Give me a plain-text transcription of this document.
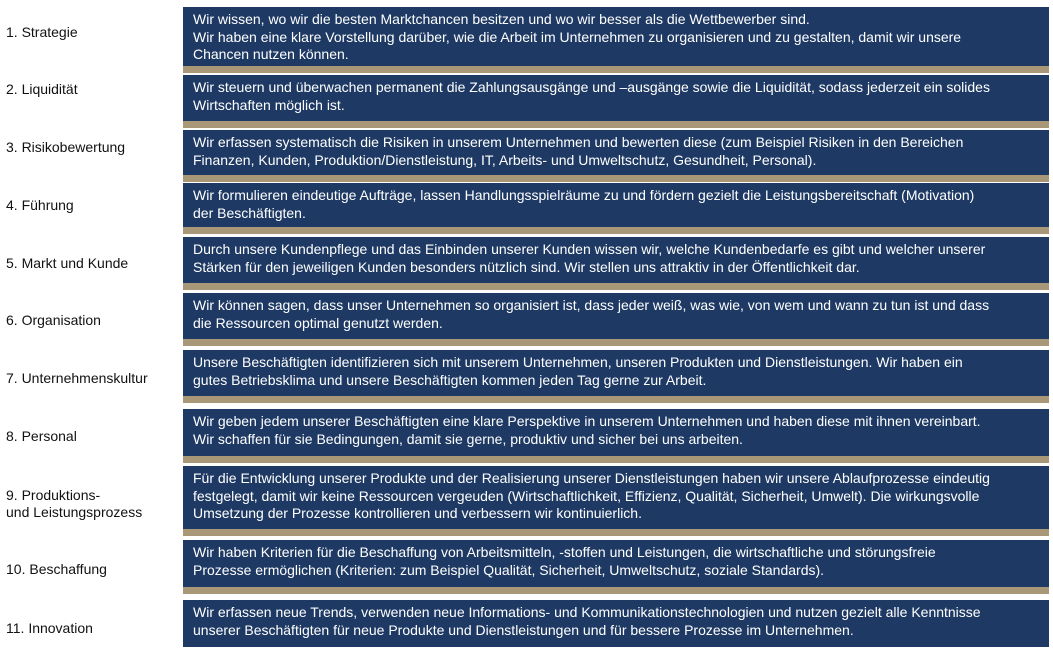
1. Strategie

Wir wissen, wo wir die besten Marktchancen besitzen und wo wir besser als die Wettbewerber sind.
Wir haben eine klare Vorstellung darüber, wie die Arbeit im Unternehmen zu organisieren und zu gestalten, damit wir unsere
Chancen nutzen können.

2. Liquidität	Wir steuern und überwachen permanent die Zahlungsausgänge und –ausgänge sowie die Liquidität, sodass jederzeit ein solides
Wirtschaften möglich ist.

3. Risikobewertung	Wir erfassen systematisch die Risiken in unserem Unternehmen und bewerten diese (zum Beispiel Risiken in den Bereichen
Finanzen, Kunden, Produktion/Dienstleistung, IT, Arbeits- und Umweltschutz, Gesundheit, Personal).

4. Führung

Wir formulieren eindeutige Aufträge, lassen Handlungsspielräume zu und fördern gezielt die Leistungsbereitschaft (Motivation)
der Beschäftigten.

5. Markt und Kunde

Durch unsere Kundenpflege und das Einbinden unserer Kunden wissen wir, welche Kundenbedarfe es gibt und welcher unserer
Stärken für den jeweiligen Kunden besonders nützlich sind. Wir stellen uns attraktiv in der Öffentlichkeit dar.

6. Organisation

Wir können sagen, dass unser Unternehmen so organisiert ist, dass jeder weiß, was wie, von wem und wann zu tun ist und dass
die Ressourcen optimal genutzt werden.

7. Unternehmenskultur

Unsere Beschäftigten identifizieren sich mit unserem Unternehmen, unseren Produkten und Dienstleistungen. Wir haben ein
gutes Betriebsklima und unsere Beschäftigten kommen jeden Tag gerne zur Arbeit.

8. Personal

Wir geben jedem unserer Beschäftigten eine klare Perspektive in unserem Unternehmen und haben diese mit ihnen vereinbart.
Wir schaffen für sie Bedingungen, damit sie gerne, produktiv und sicher bei uns arbeiten.

9. Produktions-
und Leistungsprozess

Für die Entwicklung unserer Produkte und der Realisierung unserer Dienstleistungen haben wir unsere Ablaufprozesse eindeutig
festgelegt, damit wir keine Ressourcen vergeuden (Wirtschaftlichkeit, Effizienz, Qualität, Sicherheit, Umwelt). Die wirkungsvolle
Umsetzung der Prozesse kontrollieren und verbessern wir kontinuierlich.

10. Beschaffung

Wir haben Kriterien für die Beschaffung von Arbeitsmitteln, -stoffen und Leistungen, die wirtschaftliche und störungsfreie
Prozesse ermöglichen (Kriterien: zum Beispiel Qualität, Sicherheit, Umweltschutz, soziale Standards).

11. Innovation

Wir erfassen neue Trends, verwenden neue Informations- und Kommunikationstechnologien und nutzen gezielt alle Kenntnisse
unserer Beschäftigten für neue Produkte und Dienstleistungen und für bessere Prozesse im Unternehmen.
